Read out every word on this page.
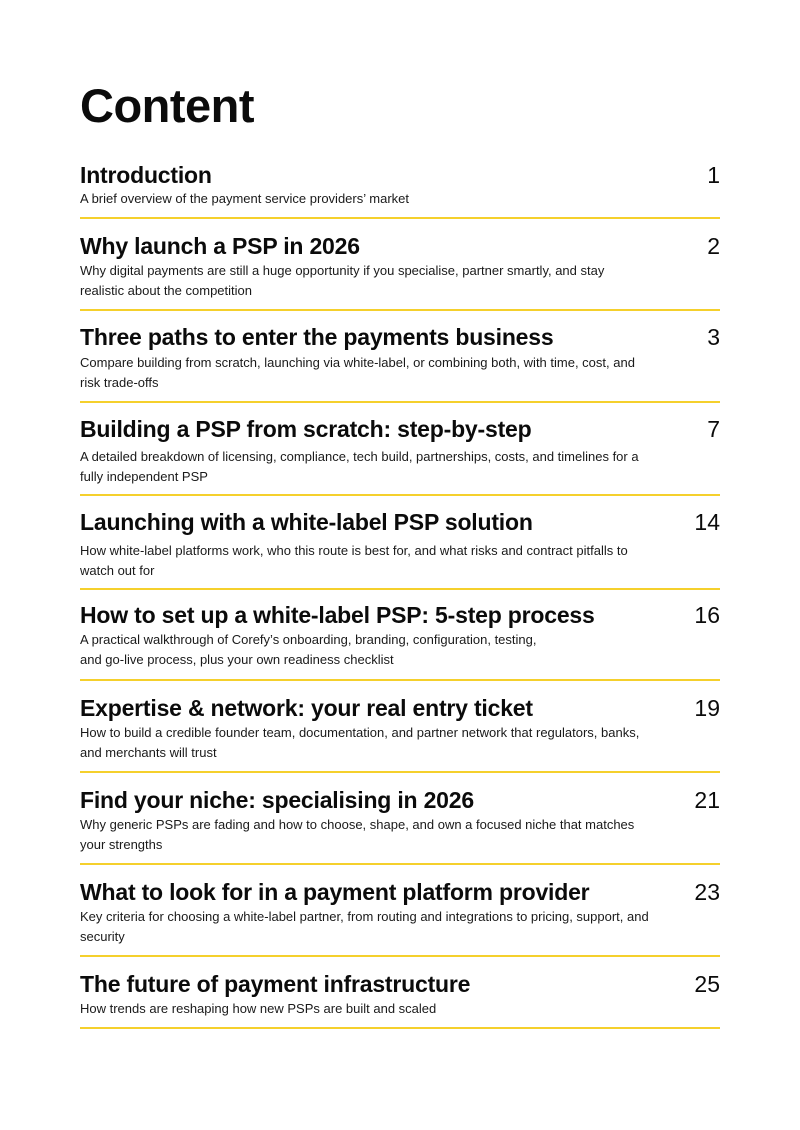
Content
Introduction
A brief overview of the payment service providers’ market
1
Why launch a PSP in 2026
Why digital payments are still a huge opportunity if you specialise, partner smartly, and stay realistic about the competition
2
Three paths to enter the payments business
Compare building from scratch, launching via white-label, or combining both, with time, cost, and risk trade-offs
3
Building a PSP from scratch: step-by-step
A detailed breakdown of licensing, compliance, tech build, partnerships, costs, and timelines for a fully independent PSP
7
Launching with a white-label PSP solution
How white-label platforms work, who this route is best for, and what risks and contract pitfalls to watch out for
14
How to set up a white-label PSP: 5-step process
A practical walkthrough of Corefy’s onboarding, branding, configuration, testing, and go-live process, plus your own readiness checklist
16
Expertise & network: your real entry ticket
How to build a credible founder team, documentation, and partner network that regulators, banks, and merchants will trust
19
Find your niche: specialising in 2026
Why generic PSPs are fading and how to choose, shape, and own a focused niche that matches your strengths
21
What to look for in a payment platform provider
Key criteria for choosing a white-label partner, from routing and integrations to pricing, support, and security
23
The future of payment infrastructure
How trends are reshaping how new PSPs are built and scaled
25
